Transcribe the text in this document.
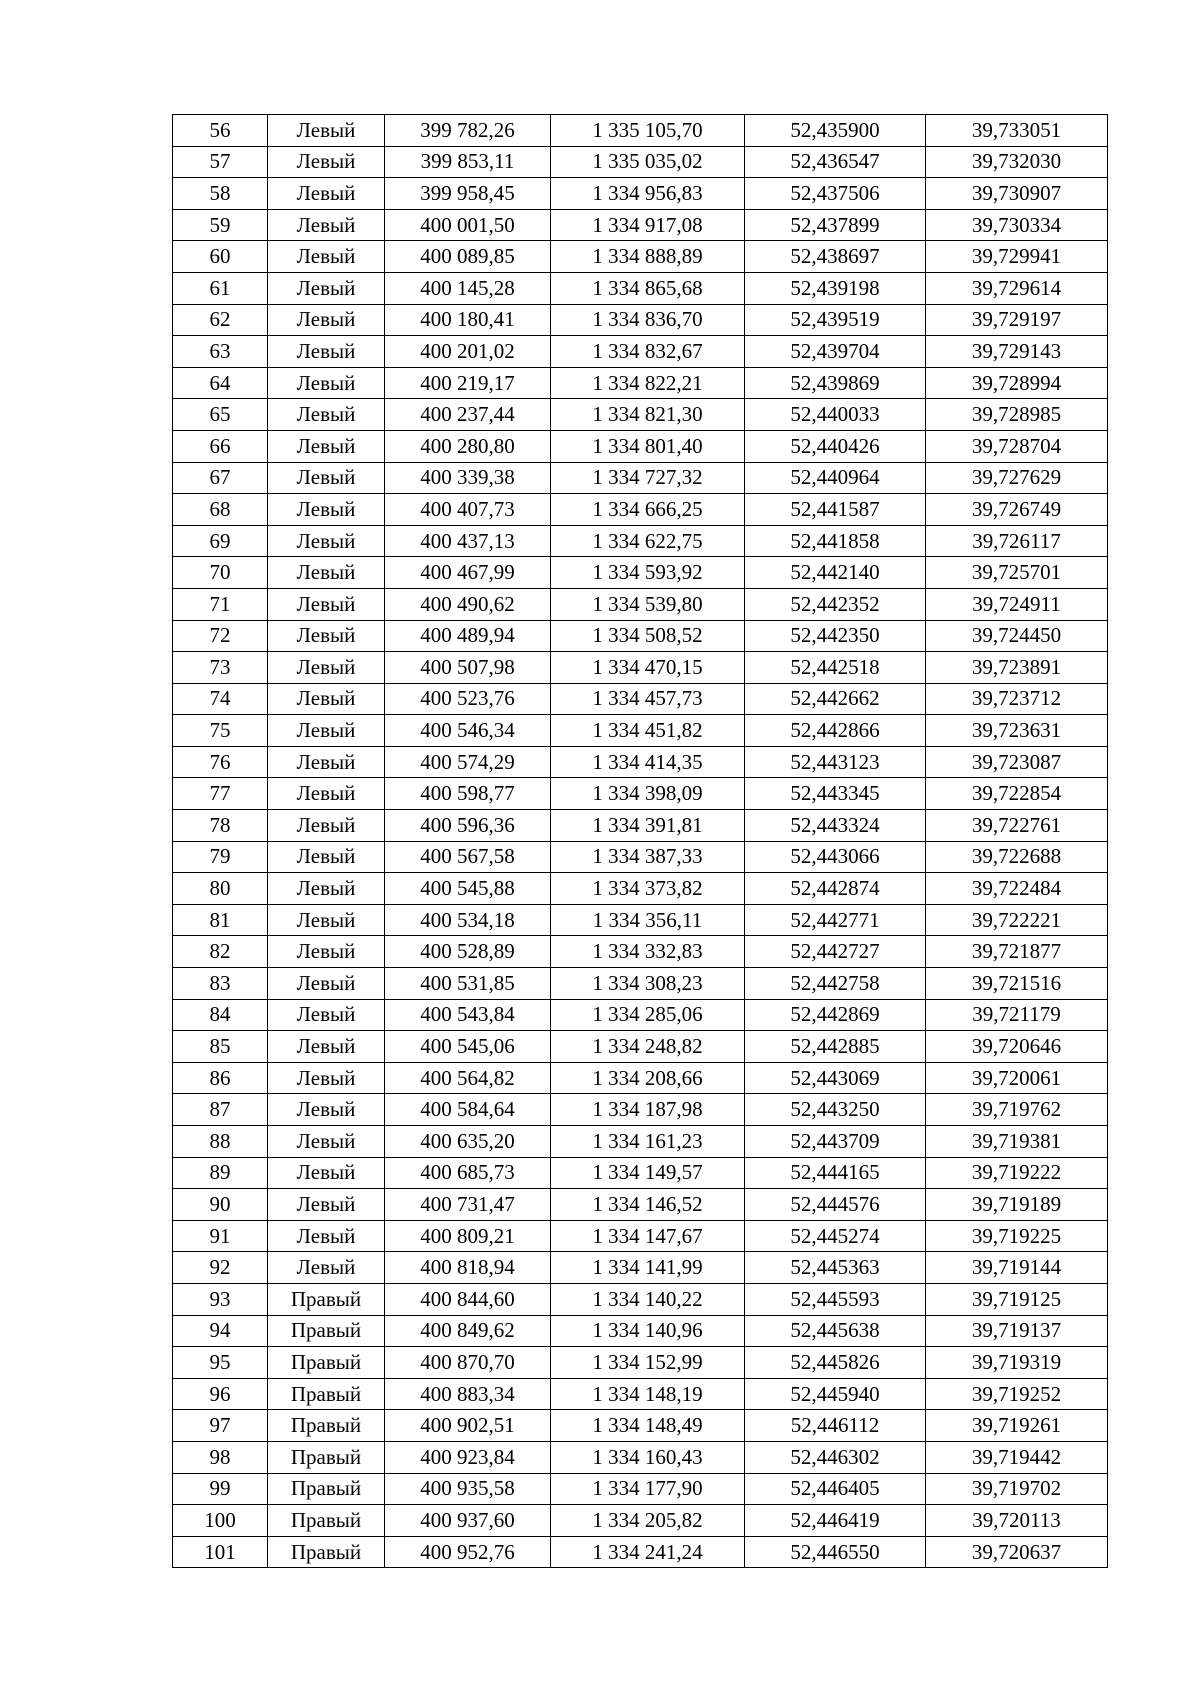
56	Левый	399 782,26	1 335 105,70	52,435900	39,733051
57	Левый	399 853,11	1 335 035,02	52,436547	39,732030
58	Левый	399 958,45	1 334 956,83	52,437506	39,730907
59	Левый	400 001,50	1 334 917,08	52,437899	39,730334
60	Левый	400 089,85	1 334 888,89	52,438697	39,729941
61	Левый	400 145,28	1 334 865,68	52,439198	39,729614
62	Левый	400 180,41	1 334 836,70	52,439519	39,729197
63	Левый	400 201,02	1 334 832,67	52,439704	39,729143
64	Левый	400 219,17	1 334 822,21	52,439869	39,728994
65	Левый	400 237,44	1 334 821,30	52,440033	39,728985
66	Левый	400 280,80	1 334 801,40	52,440426	39,728704
67	Левый	400 339,38	1 334 727,32	52,440964	39,727629
68	Левый	400 407,73	1 334 666,25	52,441587	39,726749
69	Левый	400 437,13	1 334 622,75	52,441858	39,726117
70	Левый	400 467,99	1 334 593,92	52,442140	39,725701
71	Левый	400 490,62	1 334 539,80	52,442352	39,724911
72	Левый	400 489,94	1 334 508,52	52,442350	39,724450
73	Левый	400 507,98	1 334 470,15	52,442518	39,723891
74	Левый	400 523,76	1 334 457,73	52,442662	39,723712
75	Левый	400 546,34	1 334 451,82	52,442866	39,723631
76	Левый	400 574,29	1 334 414,35	52,443123	39,723087
77	Левый	400 598,77	1 334 398,09	52,443345	39,722854
78	Левый	400 596,36	1 334 391,81	52,443324	39,722761
79	Левый	400 567,58	1 334 387,33	52,443066	39,722688
80	Левый	400 545,88	1 334 373,82	52,442874	39,722484
81	Левый	400 534,18	1 334 356,11	52,442771	39,722221
82	Левый	400 528,89	1 334 332,83	52,442727	39,721877
83	Левый	400 531,85	1 334 308,23	52,442758	39,721516
84	Левый	400 543,84	1 334 285,06	52,442869	39,721179
85	Левый	400 545,06	1 334 248,82	52,442885	39,720646
86	Левый	400 564,82	1 334 208,66	52,443069	39,720061
87	Левый	400 584,64	1 334 187,98	52,443250	39,719762
88	Левый	400 635,20	1 334 161,23	52,443709	39,719381
89	Левый	400 685,73	1 334 149,57	52,444165	39,719222
90	Левый	400 731,47	1 334 146,52	52,444576	39,719189
91	Левый	400 809,21	1 334 147,67	52,445274	39,719225
92	Левый	400 818,94	1 334 141,99	52,445363	39,719144
93	Правый	400 844,60	1 334 140,22	52,445593	39,719125
94	Правый	400 849,62	1 334 140,96	52,445638	39,719137
95	Правый	400 870,70	1 334 152,99	52,445826	39,719319
96	Правый	400 883,34	1 334 148,19	52,445940	39,719252
97	Правый	400 902,51	1 334 148,49	52,446112	39,719261
98	Правый	400 923,84	1 334 160,43	52,446302	39,719442
99	Правый	400 935,58	1 334 177,90	52,446405	39,719702
100	Правый	400 937,60	1 334 205,82	52,446419	39,720113
101	Правый	400 952,76	1 334 241,24	52,446550	39,720637
